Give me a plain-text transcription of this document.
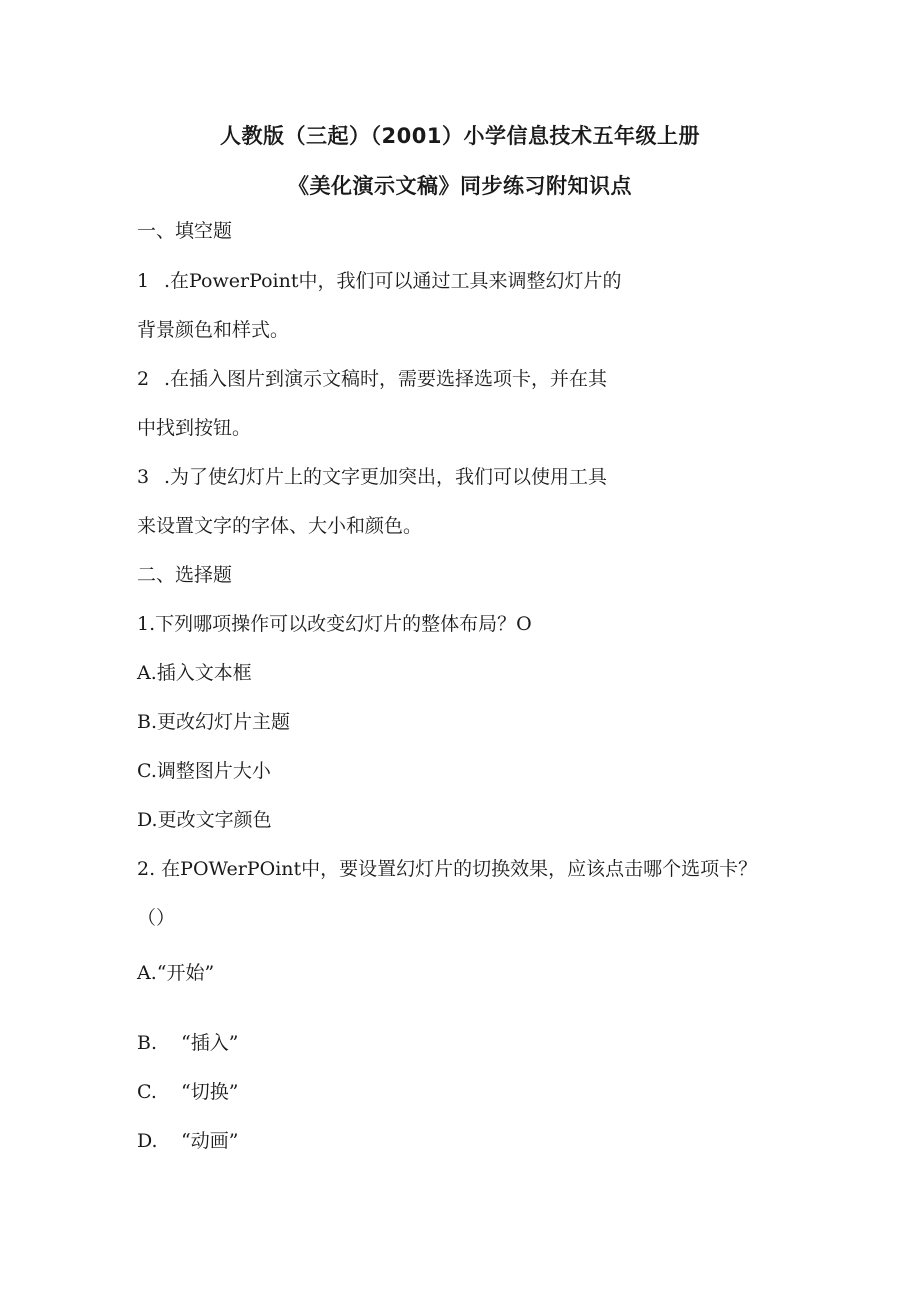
人教版（三起）（2001）小学信息技术五年级上册
《美化演示文稿》同步练习附知识点
一、填空题
1 .在PowerPoint中，我们可以通过工具来调整幻灯片的
背景颜色和样式。
2 .在插入图片到演示文稿时，需要选择选项卡，并在其
中找到按钮。
3 .为了使幻灯片上的文字更加突出，我们可以使用工具
来设置文字的字体、大小和颜色。
二、选择题
1.下列哪项操作可以改变幻灯片的整体布局？O
A.插入文本框
B.更改幻灯片主题
C.调整图片大小
D.更改文字颜色
2. 在POWerPOint中，要设置幻灯片的切换效果，应该点击哪个选项卡？
（）
A.“开始”
B. “插入”
C. “切换”
D. “动画”
